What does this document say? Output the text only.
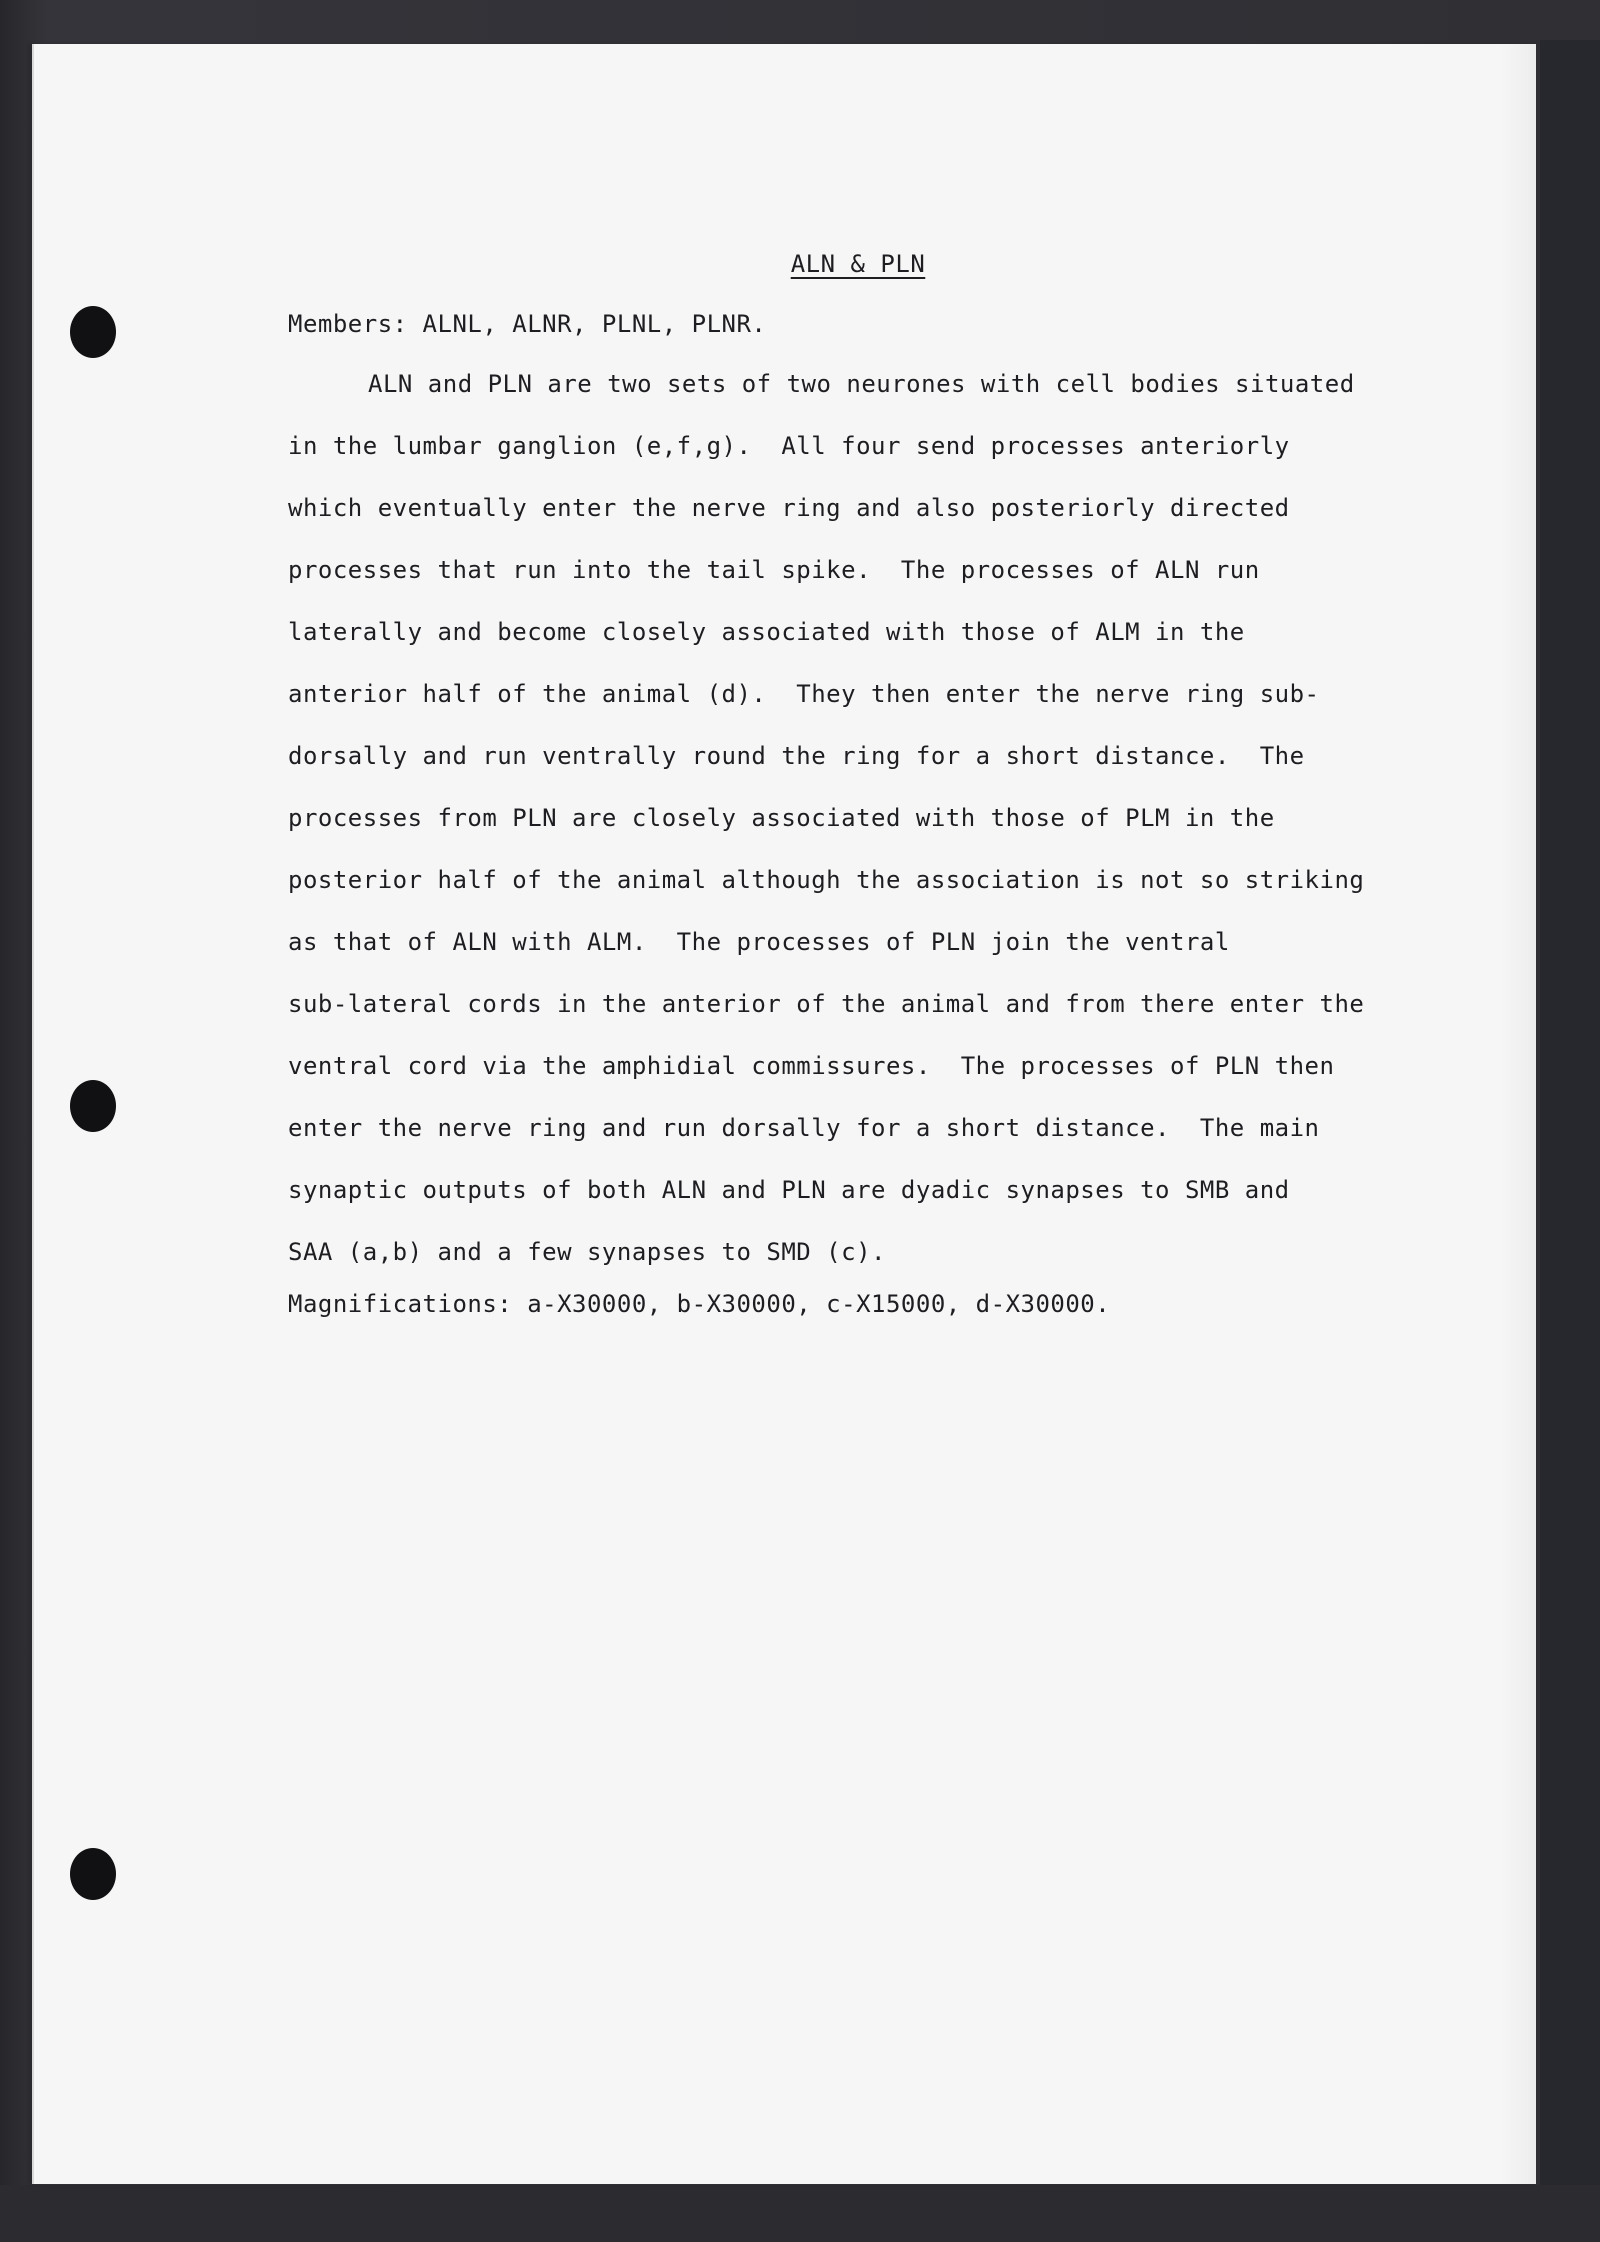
ALN & PLN
Members: ALNL, ALNR, PLNL, PLNR.
ALN and PLN are two sets of two neurones with cell bodies situated
in the lumbar ganglion (e,f,g).  All four send processes anteriorly
which eventually enter the nerve ring and also posteriorly directed
processes that run into the tail spike.  The processes of ALN run
laterally and become closely associated with those of ALM in the
anterior half of the animal (d).  They then enter the nerve ring sub-
dorsally and run ventrally round the ring for a short distance.  The
processes from PLN are closely associated with those of PLM in the
posterior half of the animal although the association is not so striking
as that of ALN with ALM.  The processes of PLN join the ventral
sub-lateral cords in the anterior of the animal and from there enter the
ventral cord via the amphidial commissures.  The processes of PLN then
enter the nerve ring and run dorsally for a short distance.  The main
synaptic outputs of both ALN and PLN are dyadic synapses to SMB and
SAA (a,b) and a few synapses to SMD (c).
Magnifications: a-X30000, b-X30000, c-X15000, d-X30000.
